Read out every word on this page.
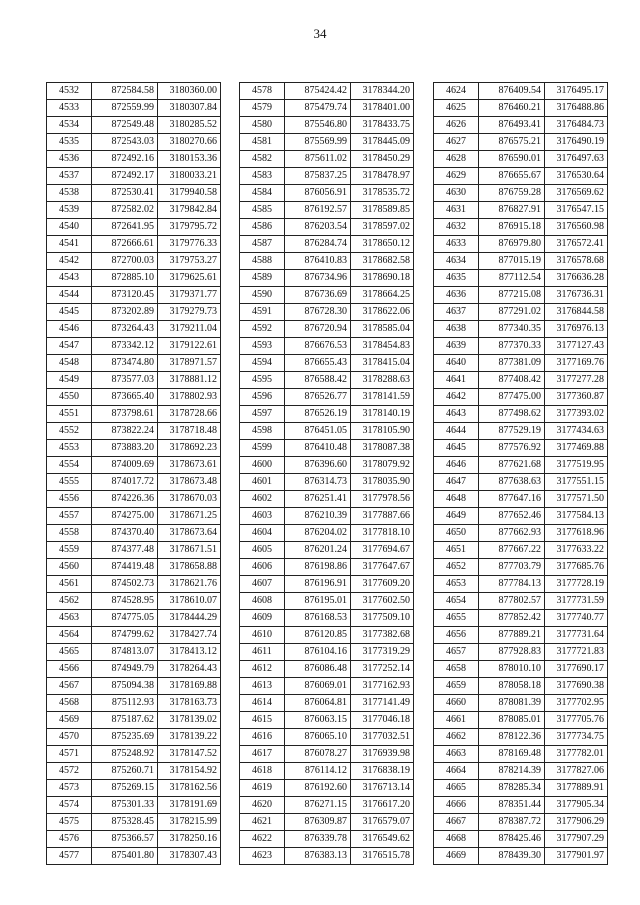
34
4532	872584.58	3180360.00
4533	872559.99	3180307.84
4534	872549.48	3180285.52
4535	872543.03	3180270.66
4536	872492.16	3180153.36
4537	872492.17	3180033.21
4538	872530.41	3179940.58
4539	872582.02	3179842.84
4540	872641.95	3179795.72
4541	872666.61	3179776.33
4542	872700.03	3179753.27
4543	872885.10	3179625.61
4544	873120.45	3179371.77
4545	873202.89	3179279.73
4546	873264.43	3179211.04
4547	873342.12	3179122.61
4548	873474.80	3178971.57
4549	873577.03	3178881.12
4550	873665.40	3178802.93
4551	873798.61	3178728.66
4552	873822.24	3178718.48
4553	873883.20	3178692.23
4554	874009.69	3178673.61
4555	874017.72	3178673.48
4556	874226.36	3178670.03
4557	874275.00	3178671.25
4558	874370.40	3178673.64
4559	874377.48	3178671.51
4560	874419.48	3178658.88
4561	874502.73	3178621.76
4562	874528.95	3178610.07
4563	874775.05	3178444.29
4564	874799.62	3178427.74
4565	874813.07	3178413.12
4566	874949.79	3178264.43
4567	875094.38	3178169.88
4568	875112.93	3178163.73
4569	875187.62	3178139.02
4570	875235.69	3178139.22
4571	875248.92	3178147.52
4572	875260.71	3178154.92
4573	875269.15	3178162.56
4574	875301.33	3178191.69
4575	875328.45	3178215.99
4576	875366.57	3178250.16
4577	875401.80	3178307.43
4578	875424.42	3178344.20
4579	875479.74	3178401.00
4580	875546.80	3178433.75
4581	875569.99	3178445.09
4582	875611.02	3178450.29
4583	875837.25	3178478.97
4584	876056.91	3178535.72
4585	876192.57	3178589.85
4586	876203.54	3178597.02
4587	876284.74	3178650.12
4588	876410.83	3178682.58
4589	876734.96	3178690.18
4590	876736.69	3178664.25
4591	876728.30	3178622.06
4592	876720.94	3178585.04
4593	876676.53	3178454.83
4594	876655.43	3178415.04
4595	876588.42	3178288.63
4596	876526.77	3178141.59
4597	876526.19	3178140.19
4598	876451.05	3178105.90
4599	876410.48	3178087.38
4600	876396.60	3178079.92
4601	876314.73	3178035.90
4602	876251.41	3177978.56
4603	876210.39	3177887.66
4604	876204.02	3177818.10
4605	876201.24	3177694.67
4606	876198.86	3177647.67
4607	876196.91	3177609.20
4608	876195.01	3177602.50
4609	876168.53	3177509.10
4610	876120.85	3177382.68
4611	876104.16	3177319.29
4612	876086.48	3177252.14
4613	876069.01	3177162.93
4614	876064.81	3177141.49
4615	876063.15	3177046.18
4616	876065.10	3177032.51
4617	876078.27	3176939.98
4618	876114.12	3176838.19
4619	876192.60	3176713.14
4620	876271.15	3176617.20
4621	876309.87	3176579.07
4622	876339.78	3176549.62
4623	876383.13	3176515.78
4624	876409.54	3176495.17
4625	876460.21	3176488.86
4626	876493.41	3176484.73
4627	876575.21	3176490.19
4628	876590.01	3176497.63
4629	876655.67	3176530.64
4630	876759.28	3176569.62
4631	876827.91	3176547.15
4632	876915.18	3176560.98
4633	876979.80	3176572.41
4634	877015.19	3176578.68
4635	877112.54	3176636.28
4636	877215.08	3176736.31
4637	877291.02	3176844.58
4638	877340.35	3176976.13
4639	877370.33	3177127.43
4640	877381.09	3177169.76
4641	877408.42	3177277.28
4642	877475.00	3177360.87
4643	877498.62	3177393.02
4644	877529.19	3177434.63
4645	877576.92	3177469.88
4646	877621.68	3177519.95
4647	877638.63	3177551.15
4648	877647.16	3177571.50
4649	877652.46	3177584.13
4650	877662.93	3177618.96
4651	877667.22	3177633.22
4652	877703.79	3177685.76
4653	877784.13	3177728.19
4654	877802.57	3177731.59
4655	877852.42	3177740.77
4656	877889.21	3177731.64
4657	877928.83	3177721.83
4658	878010.10	3177690.17
4659	878058.18	3177690.38
4660	878081.39	3177702.95
4661	878085.01	3177705.76
4662	878122.36	3177734.75
4663	878169.48	3177782.01
4664	878214.39	3177827.06
4665	878285.34	3177889.91
4666	878351.44	3177905.34
4667	878387.72	3177906.29
4668	878425.46	3177907.29
4669	878439.30	3177901.97
